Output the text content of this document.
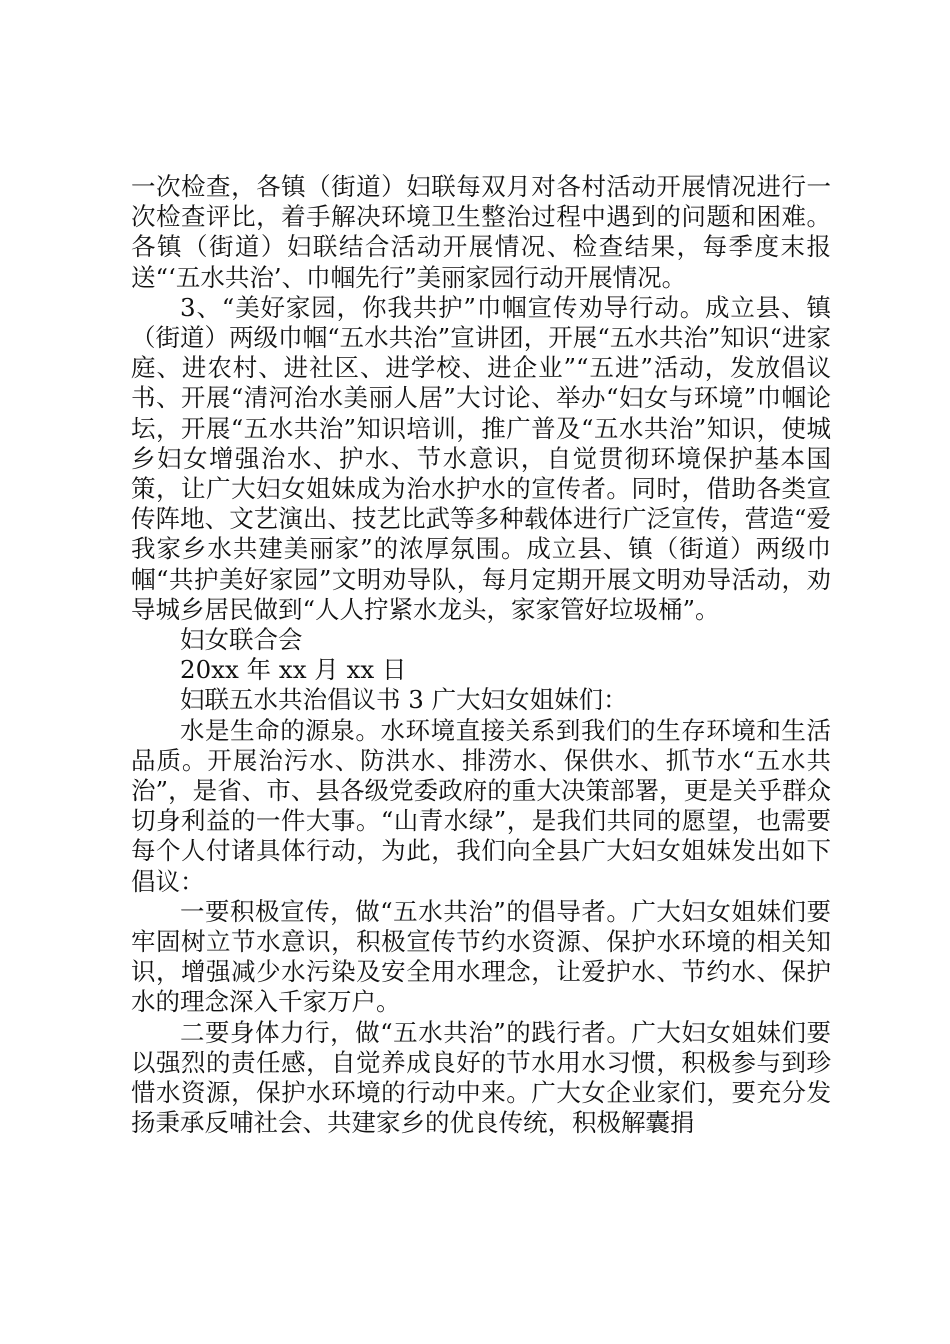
一次检查，各镇（街道）妇联每双月对各村活动开展情况进行一次检查评比，着手解决环境卫生整治过程中遇到的问题和困难。各镇（街道）妇联结合活动开展情况、检查结果，每季度末报送“‘五水共治’、巾帼先行”美丽家园行动开展情况。

3、“美好家园，你我共护”巾帼宣传劝导行动。成立县、镇（街道）两级巾帼“五水共治”宣讲团，开展“五水共治”知识“进家庭、进农村、进社区、进学校、进企业”“五进”活动，发放倡议书、开展“清河治水美丽人居”大讨论、举办“妇女与环境”巾帼论坛，开展“五水共治”知识培训，推广普及“五水共治”知识，使城乡妇女增强治水、护水、节水意识，自觉贯彻环境保护基本国策，让广大妇女姐妹成为治水护水的宣传者。同时，借助各类宣传阵地、文艺演出、技艺比武等多种载体进行广泛宣传，营造“爱我家乡水共建美丽家”的浓厚氛围。成立县、镇（街道）两级巾帼“共护美好家园”文明劝导队，每月定期开展文明劝导活动，劝导城乡居民做到“人人拧紧水龙头，家家管好垃圾桶”。

妇女联合会

20xx 年 xx 月 xx 日

妇联五水共治倡议书 3 广大妇女姐妹们：

水是生命的源泉。水环境直接关系到我们的生存环境和生活品质。开展治污水、防洪水、排涝水、保供水、抓节水“五水共治”，是省、市、县各级党委政府的重大决策部署，更是关乎群众切身利益的一件大事。“山青水绿”，是我们共同的愿望，也需要每个人付诸具体行动，为此，我们向全县广大妇女姐妹发出如下倡议：

一要积极宣传，做“五水共治”的倡导者。广大妇女姐妹们要牢固树立节水意识，积极宣传节约水资源、保护水环境的相关知识，增强减少水污染及安全用水理念，让爱护水、节约水、保护水的理念深入千家万户。

二要身体力行，做“五水共治”的践行者。广大妇女姐妹们要以强烈的责任感，自觉养成良好的节水用水习惯，积极参与到珍惜水资源，保护水环境的行动中来。广大女企业家们，要充分发扬秉承反哺社会、共建家乡的优良传统，积极解囊捐
